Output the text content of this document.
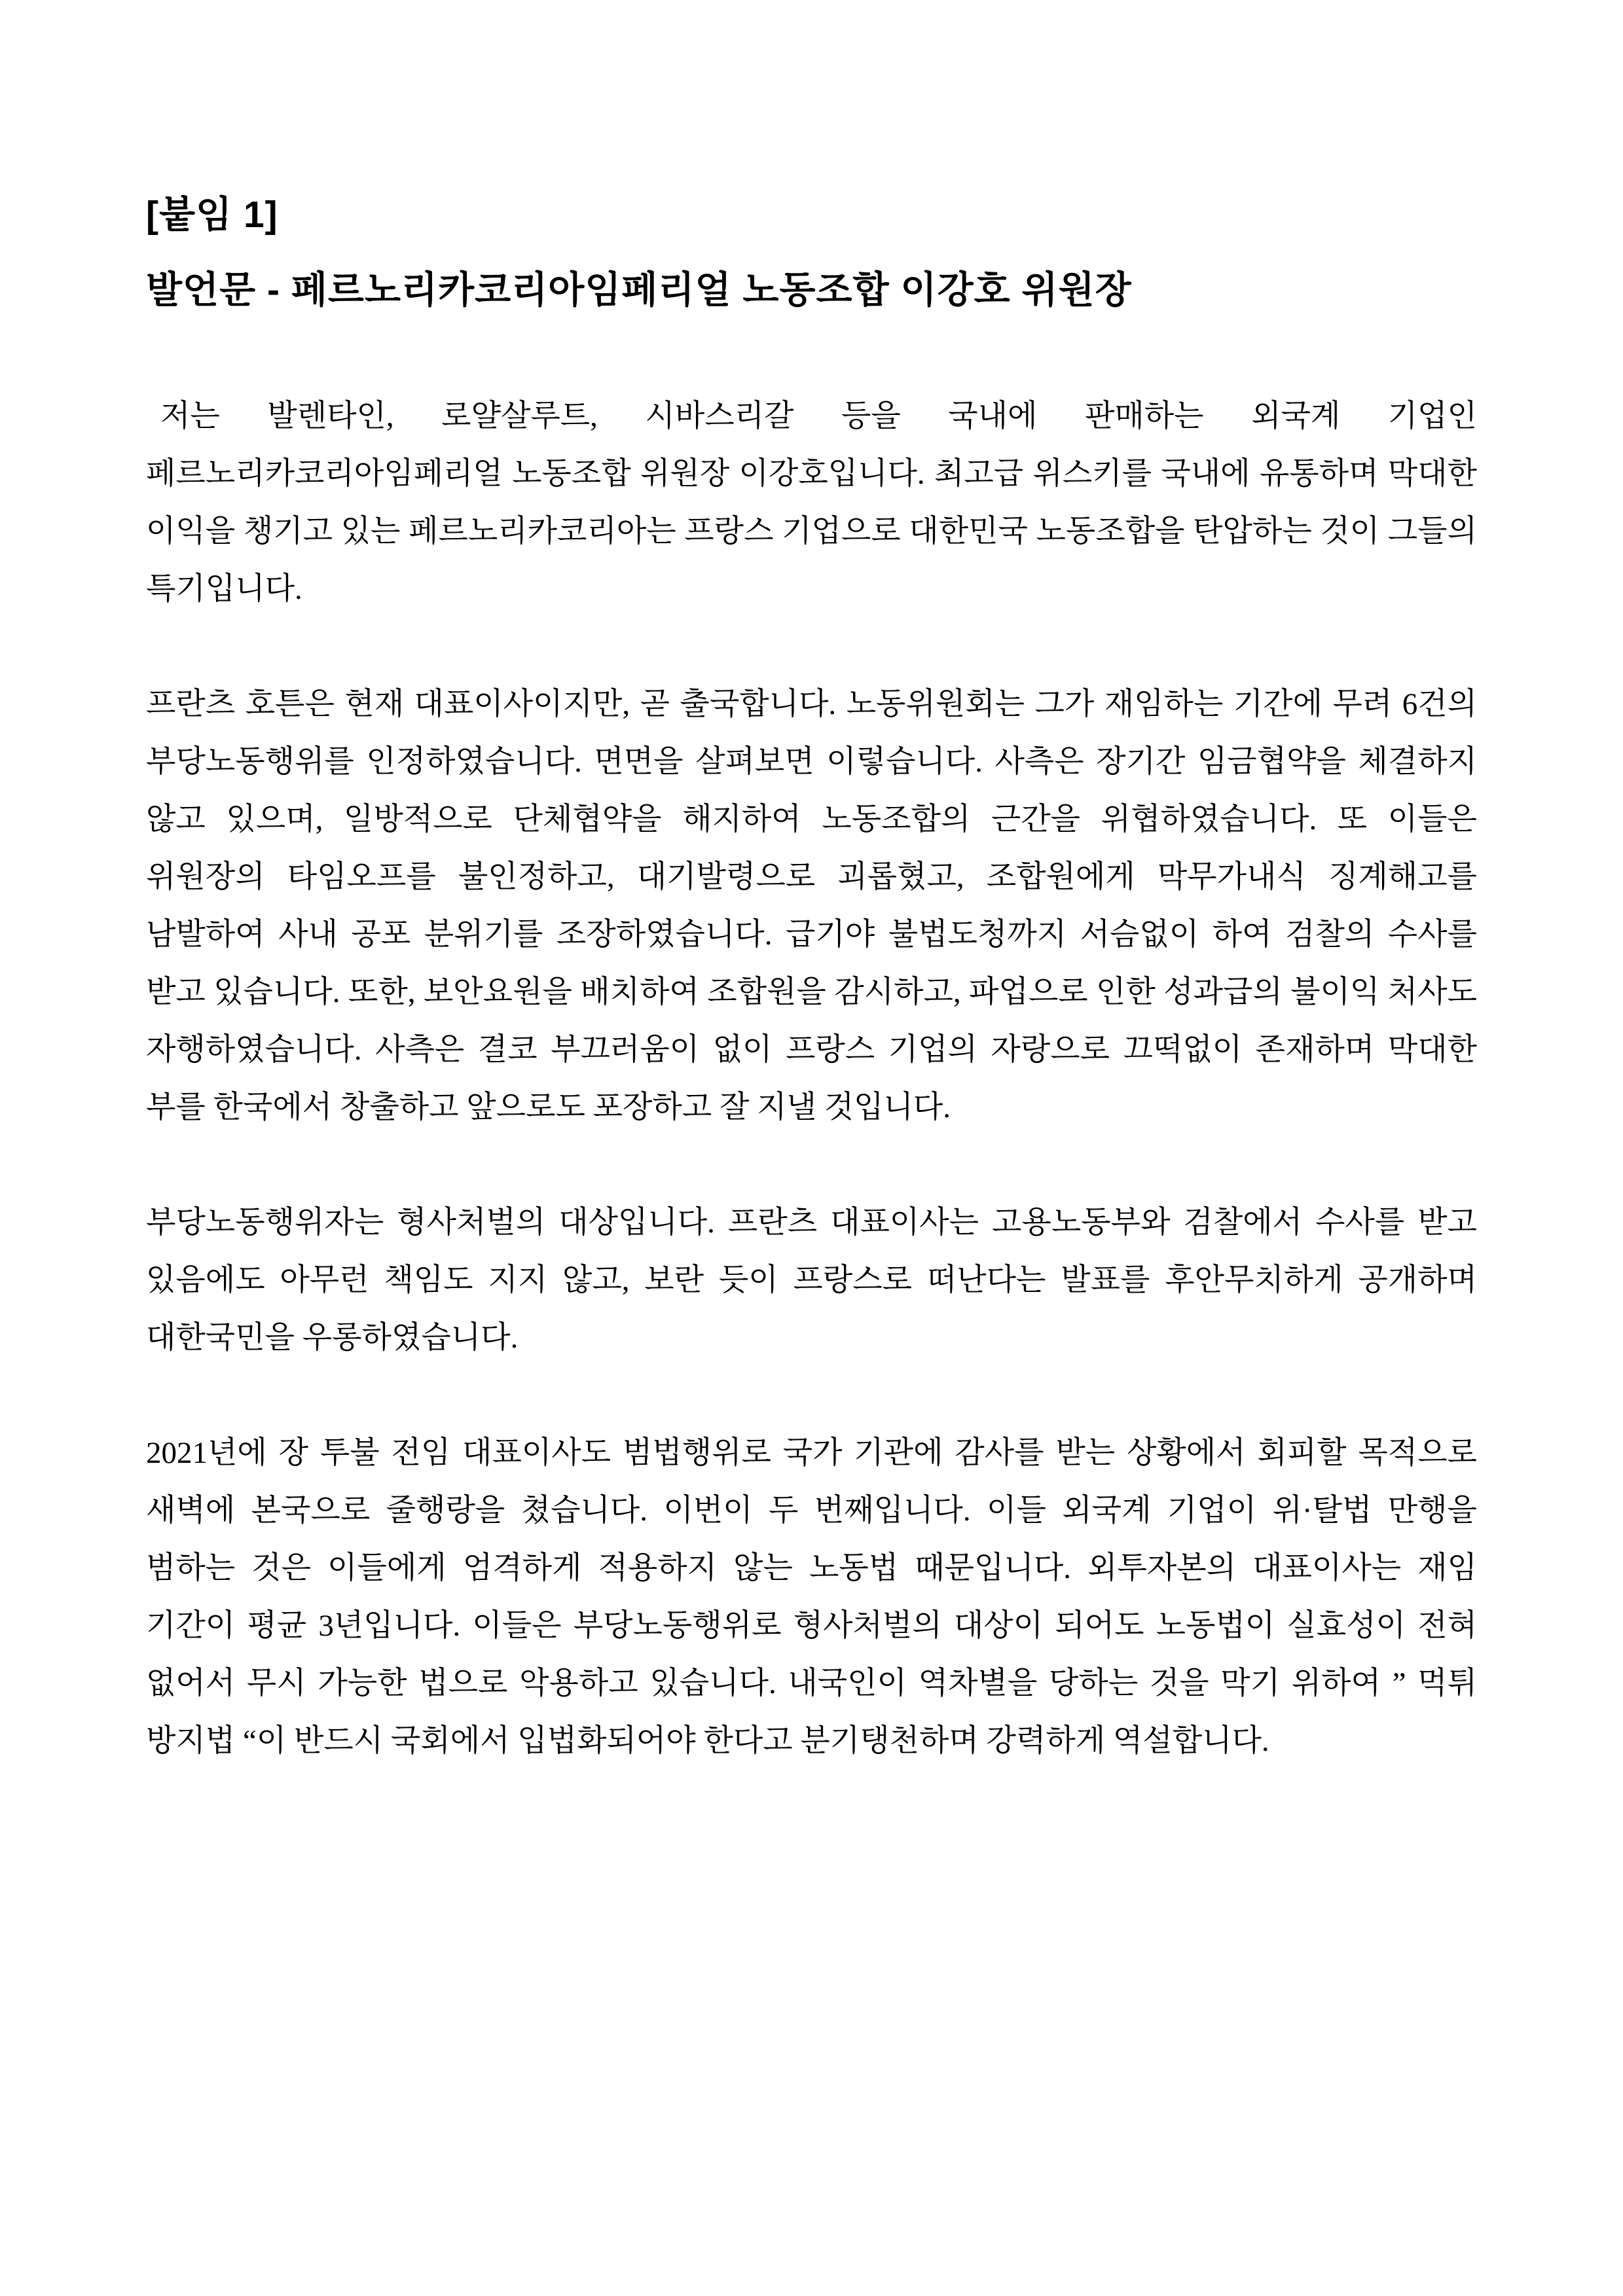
[붙임 1]
발언문 - 페르노리카코리아임페리얼 노동조합 이강호 위원장

저는 발렌타인, 로얄살루트, 시바스리갈 등을 국내에 판매하는 외국계 기업인 페르노리카코리아임페리얼 노동조합 위원장 이강호입니다. 최고급 위스키를 국내에 유통하며 막대한 이익을 챙기고 있는 페르노리카코리아는 프랑스 기업으로 대한민국 노동조합을 탄압하는 것이 그들의 특기입니다.

프란츠 호튼은 현재 대표이사이지만, 곧 출국합니다. 노동위원회는 그가 재임하는 기간에 무려 6건의 부당노동행위를 인정하였습니다. 면면을 살펴보면 이렇습니다. 사측은 장기간 임금협약을 체결하지 않고 있으며, 일방적으로 단체협약을 해지하여 노동조합의 근간을 위협하였습니다. 또 이들은 위원장의 타임오프를 불인정하고, 대기발령으로 괴롭혔고, 조합원에게 막무가내식 징계해고를 남발하여 사내 공포 분위기를 조장하였습니다. 급기야 불법도청까지 서슴없이 하여 검찰의 수사를 받고 있습니다. 또한, 보안요원을 배치하여 조합원을 감시하고, 파업으로 인한 성과급의 불이익 처사도 자행하였습니다. 사측은 결코 부끄러움이 없이 프랑스 기업의 자랑으로 끄떡없이 존재하며 막대한 부를 한국에서 창출하고 앞으로도 포장하고 잘 지낼 것입니다.

부당노동행위자는 형사처벌의 대상입니다. 프란츠 대표이사는 고용노동부와 검찰에서 수사를 받고 있음에도 아무런 책임도 지지 않고, 보란 듯이 프랑스로 떠난다는 발표를 후안무치하게 공개하며 대한국민을 우롱하였습니다.

2021년에 장 투불 전임 대표이사도 범법행위로 국가 기관에 감사를 받는 상황에서 회피할 목적으로 새벽에 본국으로 줄행랑을 쳤습니다. 이번이 두 번째입니다. 이들 외국계 기업이 위·탈법 만행을 범하는 것은 이들에게 엄격하게 적용하지 않는 노동법 때문입니다. 외투자본의 대표이사는 재임 기간이 평균 3년입니다. 이들은 부당노동행위로 형사처벌의 대상이 되어도 노동법이 실효성이 전혀 없어서 무시 가능한 법으로 악용하고 있습니다. 내국인이 역차별을 당하는 것을 막기 위하여 ” 먹튀 방지법 “이 반드시 국회에서 입법화되어야 한다고 분기탱천하며 강력하게 역설합니다.
